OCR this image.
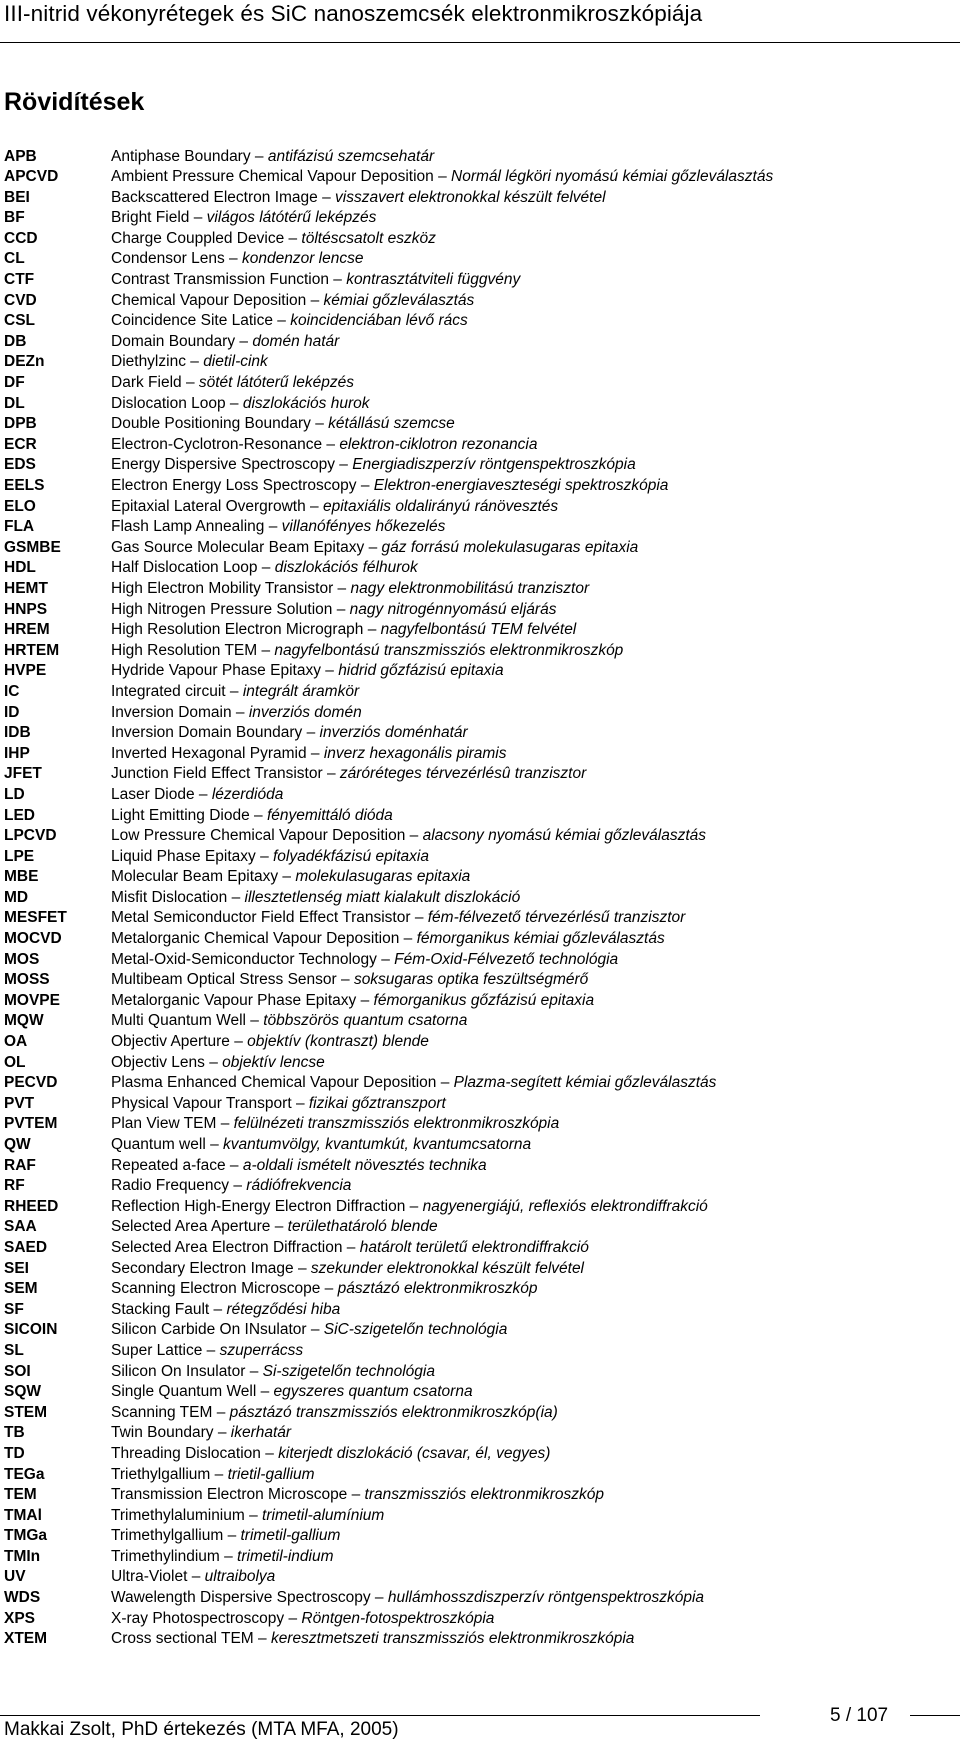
III-nitrid vékonyrétegek és SiC nanoszemcsék elektronmikroszkópiája
Rövidítések
APB	Antiphase Boundary – antifázisú szemcsehatár
APCVD	Ambient Pressure Chemical Vapour Deposition – Normál légköri nyomású kémiai gőzleválasztás
BEI	Backscattered Electron Image – visszavert elektronokkal készült felvétel
BF	Bright Field – világos látótérű leképzés
CCD	Charge Couppled Device – töltéscsatolt eszköz
CL	Condensor Lens – kondenzor lencse
CTF	Contrast Transmission Function – kontrasztátviteli függvény
CVD	Chemical Vapour Deposition – kémiai gőzleválasztás
CSL	Coincidence Site Latice – koincidenciában lévő rács
DB	Domain Boundary – domén határ
DEZn	Diethylzinc – dietil-cink
DF	Dark Field – sötét látóterű leképzés
DL	Dislocation Loop – diszlokációs hurok
DPB	Double Positioning Boundary – kétállású szemcse
ECR	Electron-Cyclotron-Resonance – elektron-ciklotron rezonancia
EDS	Energy Dispersive Spectroscopy – Energiadiszperzív röntgenspektroszkópia
EELS	Electron Energy Loss Spectroscopy – Elektron-energiaveszteségi spektroszkópia
ELO	Epitaxial Lateral Overgrowth – epitaxiális oldalirányú ránövesztés
FLA	Flash Lamp Annealing – villanófényes hőkezelés
GSMBE	Gas Source Molecular Beam Epitaxy – gáz forrású molekulasugaras epitaxia
HDL	Half Dislocation Loop – diszlokációs félhurok
HEMT	High Electron Mobility Transistor – nagy elektronmobilitású tranzisztor
HNPS	High Nitrogen Pressure Solution – nagy nitrogénnyomású eljárás
HREM	High Resolution Electron Micrograph – nagyfelbontású TEM felvétel
HRTEM	High Resolution TEM – nagyfelbontású transzmissziós elektronmikroszkóp
HVPE	Hydride Vapour Phase Epitaxy – hidrid gőzfázisú epitaxia
IC	Integrated circuit – integrált áramkör
ID	Inversion Domain – inverziós domén
IDB	Inversion Domain Boundary – inverziós doménhatár
IHP	Inverted Hexagonal Pyramid – inverz hexagonális piramis
JFET	Junction Field Effect Transistor – záróréteges térvezérlésû tranzisztor
LD	Laser Diode – lézerdióda
LED	Light Emitting Diode – fényemittáló dióda
LPCVD	Low Pressure Chemical Vapour Deposition – alacsony nyomású kémiai gőzleválasztás
LPE	Liquid Phase Epitaxy – folyadékfázisú epitaxia
MBE	Molecular Beam Epitaxy – molekulasugaras epitaxia
MD	Misfit Dislocation – illesztetlenség miatt kialakult diszlokáció
MESFET	Metal Semiconductor Field Effect Transistor – fém-félvezető térvezérlésű tranzisztor
MOCVD	Metalorganic Chemical Vapour Deposition – fémorganikus kémiai gőzleválasztás
MOS	Metal-Oxid-Semiconductor Technology – Fém-Oxid-Félvezető technológia
MOSS	Multibeam Optical Stress Sensor – soksugaras optika feszültségmérő
MOVPE	Metalorganic Vapour Phase Epitaxy – fémorganikus gőzfázisú epitaxia
MQW	Multi Quantum Well – többszörös quantum csatorna
OA	Objectiv Aperture – objektív (kontraszt) blende
OL	Objectiv Lens – objektív lencse
PECVD	Plasma Enhanced Chemical Vapour Deposition – Plazma-segített kémiai gőzleválasztás
PVT	Physical Vapour Transport – fizikai gőztranszport
PVTEM	Plan View TEM – felülnézeti transzmissziós elektronmikroszkópia
QW	Quantum well – kvantumvölgy, kvantumkút, kvantumcsatorna
RAF	Repeated a-face – a-oldali ismételt növesztés technika
RF	Radio Frequency – rádiófrekvencia
RHEED	Reflection High-Energy Electron Diffraction – nagyenergiájú, reflexiós elektrondiffrakció
SAA	Selected Area Aperture – területhatároló blende
SAED	Selected Area Electron Diffraction – határolt területű elektrondiffrakció
SEI	Secondary Electron Image – szekunder elektronokkal készült felvétel
SEM	Scanning Electron Microscope – pásztázó elektronmikroszkóp
SF	Stacking Fault – rétegződési hiba
SICOIN	Silicon Carbide On INsulator – SiC-szigetelőn technológia
SL	Super Lattice – szuperrácss
SOI	Silicon On Insulator – Si-szigetelőn technológia
SQW	Single Quantum Well – egyszeres quantum csatorna
STEM	Scanning TEM – pásztázó transzmissziós elektronmikroszkóp(ia)
TB	Twin Boundary – ikerhatár
TD	Threading Dislocation – kiterjedt diszlokáció (csavar, él, vegyes)
TEGa	Triethylgallium – trietil-gallium
TEM	Transmission Electron Microscope – transzmissziós elektronmikroszkóp
TMAl	Trimethylaluminium – trimetil-alumínium
TMGa	Trimethylgallium – trimetil-gallium
TMIn	Trimethylindium – trimetil-indium
UV	Ultra-Violet – ultraibolya
WDS	Wawelength Dispersive Spectroscopy – hullámhosszdiszperzív röntgenspektroszkópia
XPS	X-ray Photospectroscopy – Röntgen-fotospektroszkópia
XTEM	Cross sectional TEM – keresztmetszeti transzmissziós elektronmikroszkópia
Makkai Zsolt, PhD értekezés (MTA MFA, 2005)
5 / 107
